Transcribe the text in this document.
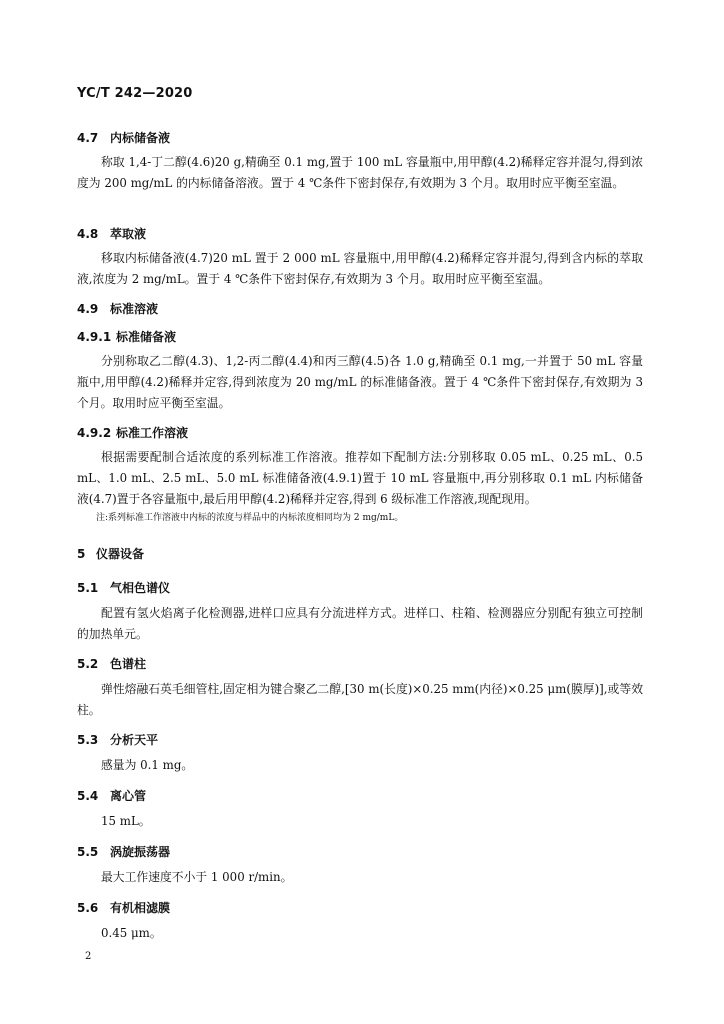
YC/T 242—2020
4.7 内标储备液
称取 1,4-丁二醇(4.6)20 g,精确至 0.1 mg,置于 100 mL 容量瓶中,用甲醇(4.2)稀释定容并混匀,得到浓度为 200 mg/mL 的内标储备溶液。置于 4 ℃条件下密封保存,有效期为 3 个月。取用时应平衡至室温。
4.8 萃取液
移取内标储备液(4.7)20 mL 置于 2 000 mL 容量瓶中,用甲醇(4.2)稀释定容并混匀,得到含内标的萃取液,浓度为 2 mg/mL。置于 4 ℃条件下密封保存,有效期为 3 个月。取用时应平衡至室温。
4.9 标准溶液
4.9.1 标准储备液
分别称取乙二醇(4.3)、1,2-丙二醇(4.4)和丙三醇(4.5)各 1.0 g,精确至 0.1 mg,一并置于 50 mL 容量瓶中,用甲醇(4.2)稀释并定容,得到浓度为 20 mg/mL 的标准储备液。置于 4 ℃条件下密封保存,有效期为 3 个月。取用时应平衡至室温。
4.9.2 标准工作溶液
根据需要配制合适浓度的系列标准工作溶液。推荐如下配制方法:分别移取 0.05 mL、0.25 mL、0.5 mL、1.0 mL、2.5 mL、5.0 mL 标准储备液(4.9.1)置于 10 mL 容量瓶中,再分别移取 0.1 mL 内标储备液(4.7)置于各容量瓶中,最后用甲醇(4.2)稀释并定容,得到 6 级标准工作溶液,现配现用。
注:系列标准工作溶液中内标的浓度与样品中的内标浓度相同均为 2 mg/mL。
5 仪器设备
5.1 气相色谱仪
配置有氢火焰离子化检测器,进样口应具有分流进样方式。进样口、柱箱、检测器应分别配有独立可控制的加热单元。
5.2 色谱柱
弹性熔融石英毛细管柱,固定相为键合聚乙二醇,[30 m(长度)×0.25 mm(内径)×0.25 μm(膜厚)],或等效柱。
5.3 分析天平
感量为 0.1 mg。
5.4 离心管
15 mL。
5.5 涡旋振荡器
最大工作速度不小于 1 000 r/min。
5.6 有机相滤膜
0.45 μm。
2
